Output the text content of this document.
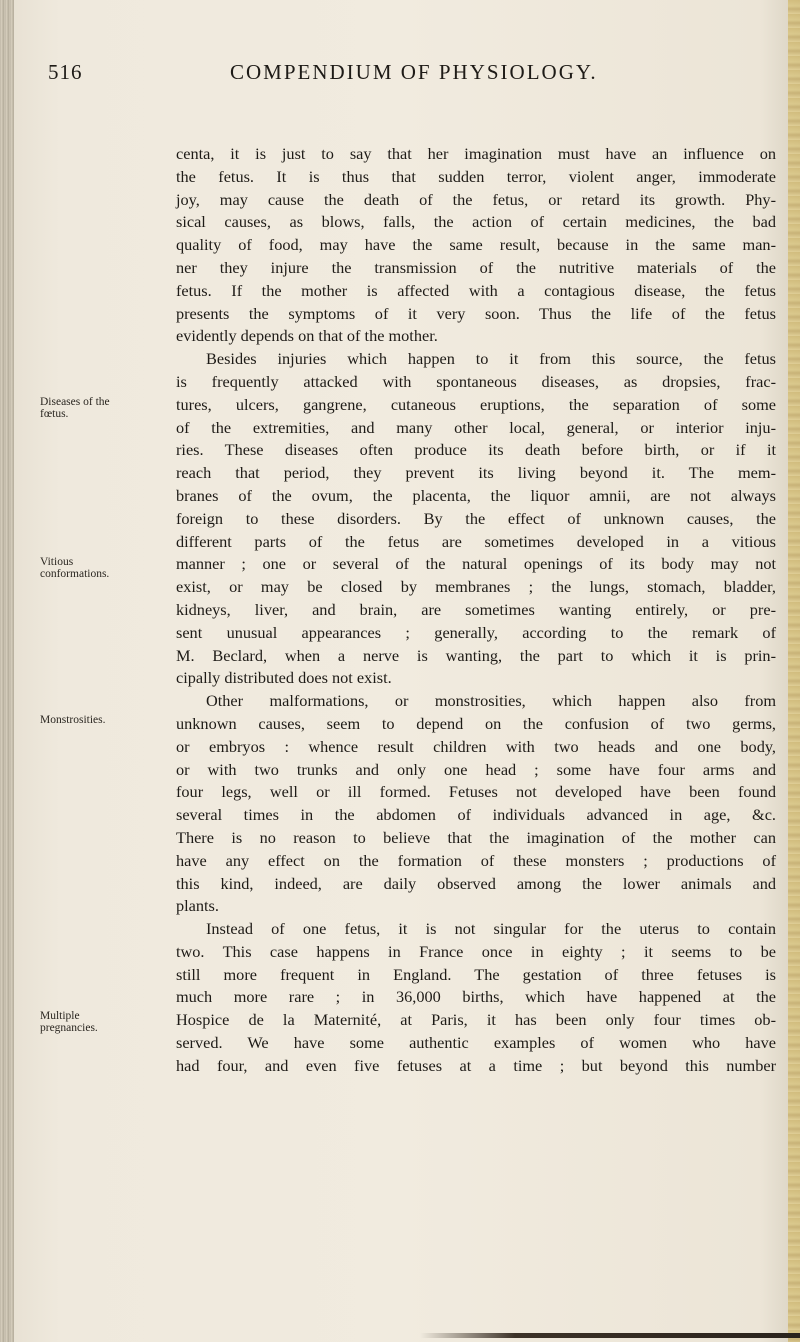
516	COMPENDIUM OF PHYSIOLOGY.
Diseases of the fœtus.
Vitious conformations.
Monstrosities.
Multiple pregnancies.
centa, it is just to say that her imagination must have an influence on
the fetus. It is thus that sudden terror, violent anger, immoderate
joy, may cause the death of the fetus, or retard its growth. Phy-
sical causes, as blows, falls, the action of certain medicines, the bad
quality of food, may have the same result, because in the same man-
ner they injure the transmission of the nutritive materials of the
fetus. If the mother is affected with a contagious disease, the fetus
presents the symptoms of it very soon. Thus the life of the fetus
evidently depends on that of the mother.
Besides injuries which happen to it from this source, the fetus
is frequently attacked with spontaneous diseases, as dropsies, frac-
tures, ulcers, gangrene, cutaneous eruptions, the separation of some
of the extremities, and many other local, general, or interior inju-
ries. These diseases often produce its death before birth, or if it
reach that period, they prevent its living beyond it. The mem-
branes of the ovum, the placenta, the liquor amnii, are not always
foreign to these disorders. By the effect of unknown causes, the
different parts of the fetus are sometimes developed in a vitious
manner ; one or several of the natural openings of its body may not
exist, or may be closed by membranes ; the lungs, stomach, bladder,
kidneys, liver, and brain, are sometimes wanting entirely, or pre-
sent unusual appearances ; generally, according to the remark of
M. Beclard, when a nerve is wanting, the part to which it is prin-
cipally distributed does not exist.
Other malformations, or monstrosities, which happen also from
unknown causes, seem to depend on the confusion of two germs,
or embryos : whence result children with two heads and one body,
or with two trunks and only one head ; some have four arms and
four legs, well or ill formed. Fetuses not developed have been found
several times in the abdomen of individuals advanced in age, &c.
There is no reason to believe that the imagination of the mother can
have any effect on the formation of these monsters ; productions of
this kind, indeed, are daily observed among the lower animals and
plants.
Instead of one fetus, it is not singular for the uterus to contain
two. This case happens in France once in eighty ; it seems to be
still more frequent in England. The gestation of three fetuses is
much more rare ; in 36,000 births, which have happened at the
Hospice de la Maternité, at Paris, it has been only four times ob-
served. We have some authentic examples of women who have
had four, and even five fetuses at a time ; but beyond this number
